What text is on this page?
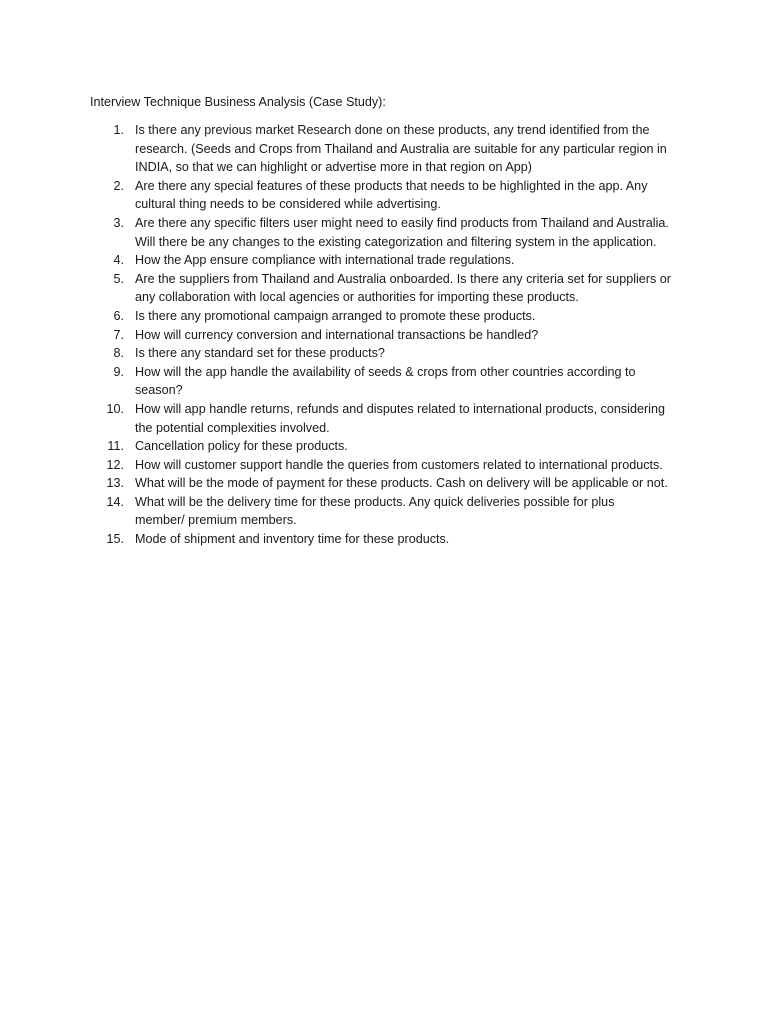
Interview Technique Business Analysis (Case Study):
1. Is there any previous market Research done on these products, any trend identified from the
research. (Seeds and Crops from Thailand and Australia are suitable for any particular region in
INDIA, so that we can highlight or advertise more in that region on App)
2. Are there any special features of these products that needs to be highlighted in the app. Any
cultural thing needs to be considered while advertising.
3. Are there any specific filters user might need to easily find products from Thailand and Australia.
Will there be any changes to the existing categorization and filtering system in the application.
4. How the App ensure compliance with international trade regulations.
5. Are the suppliers from Thailand and Australia onboarded. Is there any criteria set for suppliers or
any collaboration with local agencies or authorities for importing these products.
6. Is there any promotional campaign arranged to promote these products.
7. How will currency conversion and international transactions be handled?
8. Is there any standard set for these products?
9. How will the app handle the availability of seeds & crops from other countries according to
season?
10. How will app handle returns, refunds and disputes related to international products, considering
the potential complexities involved.
11. Cancellation policy for these products.
12. How will customer support handle the queries from customers related to international products.
13. What will be the mode of payment for these products. Cash on delivery will be applicable or not.
14. What will be the delivery time for these products. Any quick deliveries possible for plus
member/ premium members.
15. Mode of shipment and inventory time for these products.
